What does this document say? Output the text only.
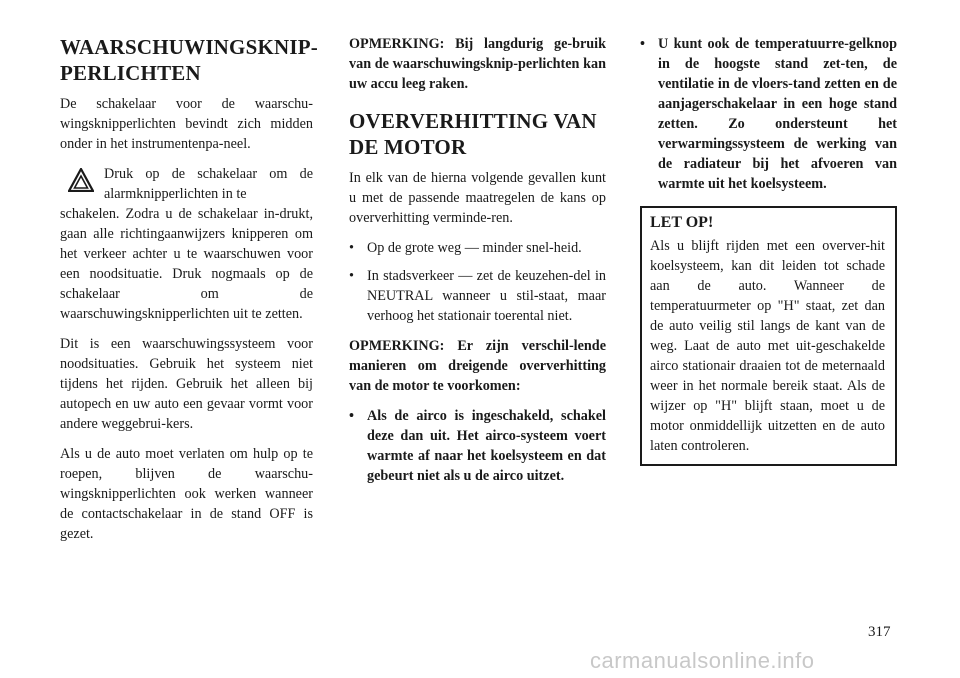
WAARSCHUWINGSKNIP-PERLICHTEN

De schakelaar voor de waarschu-wingsknipperlichten bevindt zich midden onder in het instrumentenpa-neel.

Druk op de schakelaar om de alarmknipperlichten in te

schakelen. Zodra u de schakelaar in-drukt, gaan alle richtingaanwijzers knipperen om het verkeer achter u te waarschuwen voor een noodsituatie. Druk nogmaals op de schakelaar om de waarschuwingsknipperlichten uit te zetten.

Dit is een waarschuwingssysteem voor noodsituaties. Gebruik het systeem niet tijdens het rijden. Gebruik het alleen bij autopech en uw auto een gevaar vormt voor andere weggebrui-kers.

Als u de auto moet verlaten om hulp op te roepen, blijven de waarschu-wingsknipperlichten ook werken wanneer de contactschakelaar in de stand OFF is gezet.

OPMERKING: Bij langdurig ge-bruik van de waarschuwingsknip-perlichten kan uw accu leeg raken.

OVERVERHITTING VAN DE MOTOR

In elk van de hierna volgende gevallen kunt u met de passende maatregelen de kans op oververhitting verminde-ren.

• Op de grote weg — minder snel-heid.
• In stadsverkeer — zet de keuzehen-del in NEUTRAL wanneer u stil-staat, maar verhoog het stationair toerental niet.

OPMERKING: Er zijn verschil-lende manieren om dreigende oververhitting van de motor te voorkomen:

• Als de airco is ingeschakeld, schakel deze dan uit. Het airco-systeem voert warmte af naar het koelsysteem en dat gebeurt niet als u de airco uitzet.
• U kunt ook de temperatuurre-gelknop in de hoogste stand zet-ten, de ventilatie in de vloers-tand zetten en de aanjagerschakelaar in een hoge stand zetten. Zo ondersteunt het verwarmingssysteem de werking van de radiateur bij het afvoeren van warmte uit het koelsysteem.
LET OP!

Als u blijft rijden met een overver-hit koelsysteem, kan dit leiden tot schade aan de auto. Wanneer de temperatuurmeter op "H" staat, zet dan de auto veilig stil langs de kant van de weg. Laat de auto met uit-geschakelde airco stationair draaien tot de meternaald weer in het normale bereik staat. Als de wijzer op "H" blijft staan, moet u de motor onmiddellijk uitzetten en de auto laten controleren.

317
carmanualsonline.info
